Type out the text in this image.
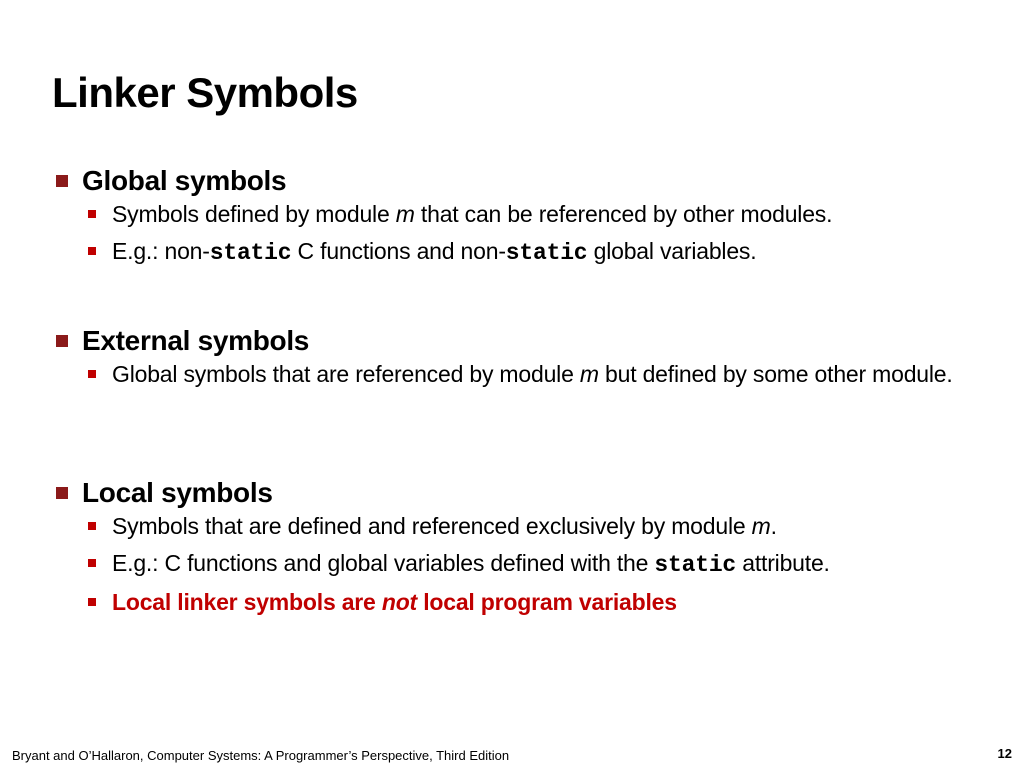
Linker Symbols
Global symbols
Symbols defined by module m that can be referenced by other modules.
E.g.: non-static C functions and non-static global variables.
External symbols
Global symbols that are referenced by module m but defined by some other module.
Local symbols
Symbols that are defined and referenced exclusively by module m.
E.g.: C functions and global variables defined with the static attribute.
Local linker symbols are not local program variables
Bryant and O’Hallaron, Computer Systems: A Programmer’s Perspective, Third Edition	12
